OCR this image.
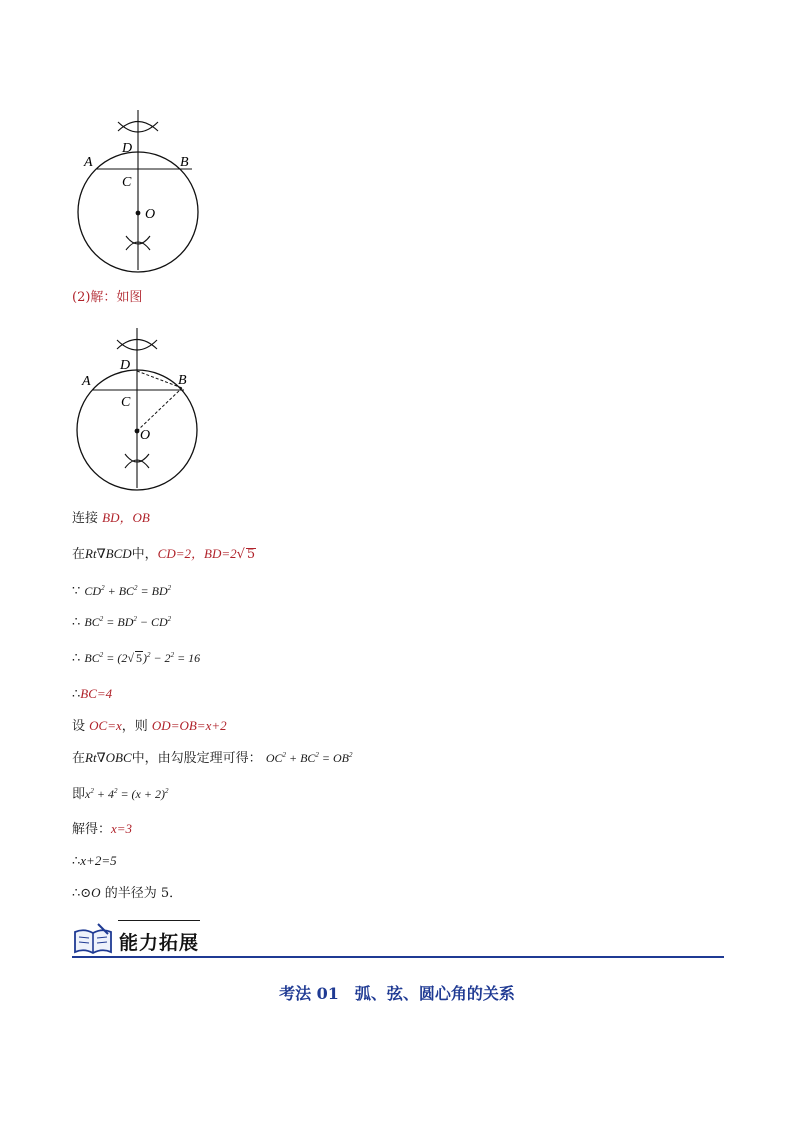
A	B
C
D
O
(2)解：如图
A	B
C
D
O
连接 BD，OB
在Rt∇BCD中，CD=2，BD=2√ 5
∵ $CD^2 + BC^2 = BD^2$
∴ $BC^2 = BD^2 - CD^2$
∴ $BC^2 = (2√$ $5)^2 - 2^2 = 16$
∴BC=4
设 OC=x，则 OD=OB=x+2
在Rt∇OBC中，由勾股定理可得： $OC^2 + BC^2 = OB^2$
即$x^2 + 4^2 = (x + 2)^2$
解得：x=3
∴x+2=5
∴⊙O 的半径为 5．
能力拓展
考法 01　弧、弦、圆心角的关系
